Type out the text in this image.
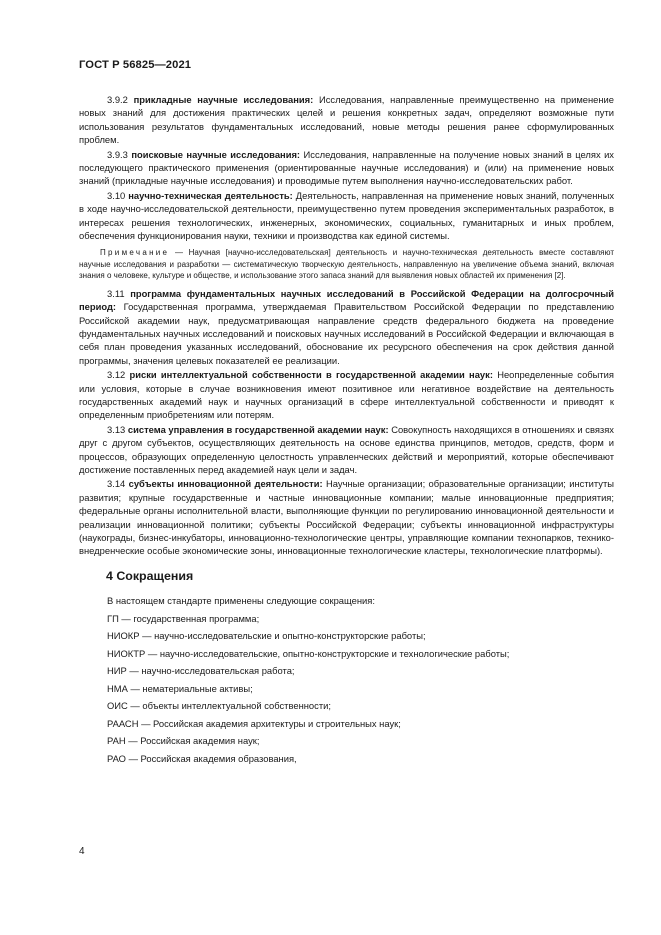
ГОСТ Р 56825—2021

3.9.2 прикладные научные исследования: Исследования, направленные преимущественно на применение новых знаний для достижения практических целей и решения конкретных задач, определяют возможные пути использования результатов фундаментальных исследований, новые методы решения ранее сформулированных проблем.

3.9.3 поисковые научные исследования: Исследования, направленные на получение новых знаний в целях их последующего практического применения (ориентированные научные исследования) и (или) на применение новых знаний (прикладные научные исследования) и проводимые путем выполнения научно-исследовательских работ.

3.10 научно-техническая деятельность: Деятельность, направленная на применение новых знаний, полученных в ходе научно-исследовательской деятельности, преимущественно путем проведения экспериментальных разработок, в интересах решения технологических, инженерных, экономических, социальных, гуманитарных и иных проблем, обеспечения функционирования науки, техники и производства как единой системы.

Примечание — Научная [научно-исследовательская] деятельность и научно-техническая деятельность вместе составляют научные исследования и разработки — систематическую творческую деятельность, направленную на увеличение объема знаний, включая знания о человеке, культуре и обществе, и использование этого запаса знаний для выявления новых областей их применения [2].

3.11 программа фундаментальных научных исследований в Российской Федерации на долгосрочный период: Государственная программа, утверждаемая Правительством Российской Федерации по представлению Российской академии наук, предусматривающая направление средств федерального бюджета на проведение фундаментальных научных исследований и поисковых научных исследований в Российской Федерации и включающая в себя план проведения указанных исследований, обоснование их ресурсного обеспечения на срок действия данной программы, значения целевых показателей ее реализации.

3.12 риски интеллектуальной собственности в государственной академии наук: Неопределенные события или условия, которые в случае возникновения имеют позитивное или негативное воздействие на деятельность государственных академий наук и научных организаций в сфере интеллектуальной собственности и приводят к определенным приобретениям или потерям.

3.13 система управления в государственной академии наук: Совокупность находящихся в отношениях и связях друг с другом субъектов, осуществляющих деятельность на основе единства принципов, методов, средств, форм и процессов, образующих определенную целостность управленческих действий и мероприятий, которые обеспечивают достижение поставленных перед академией наук цели и задач.

3.14 субъекты инновационной деятельности: Научные организации; образовательные организации; институты развития; крупные государственные и частные инновационные компании; малые инновационные предприятия; федеральные органы исполнительной власти, выполняющие функции по регулированию инновационной деятельности и реализации инновационной политики; субъекты Российской Федерации; субъекты инновационной инфраструктуры (наукограды, бизнес-инкубаторы, инновационно-технологические центры, управляющие компании технопарков, технико-внедренческие особые экономические зоны, инновационные технологические кластеры, технологические платформы).

4 Сокращения
В настоящем стандарте применены следующие сокращения:
ГП — государственная программа;
НИОКР — научно-исследовательские и опытно-конструкторские работы;
НИОКТР — научно-исследовательские, опытно-конструкторские и технологические работы;
НИР — научно-исследовательская работа;
НМА — нематериальные активы;
ОИС — объекты интеллектуальной собственности;
РААСН — Российская академия архитектуры и строительных наук;
РАН — Российская академия наук;
РАО — Российская академия образования,
4
